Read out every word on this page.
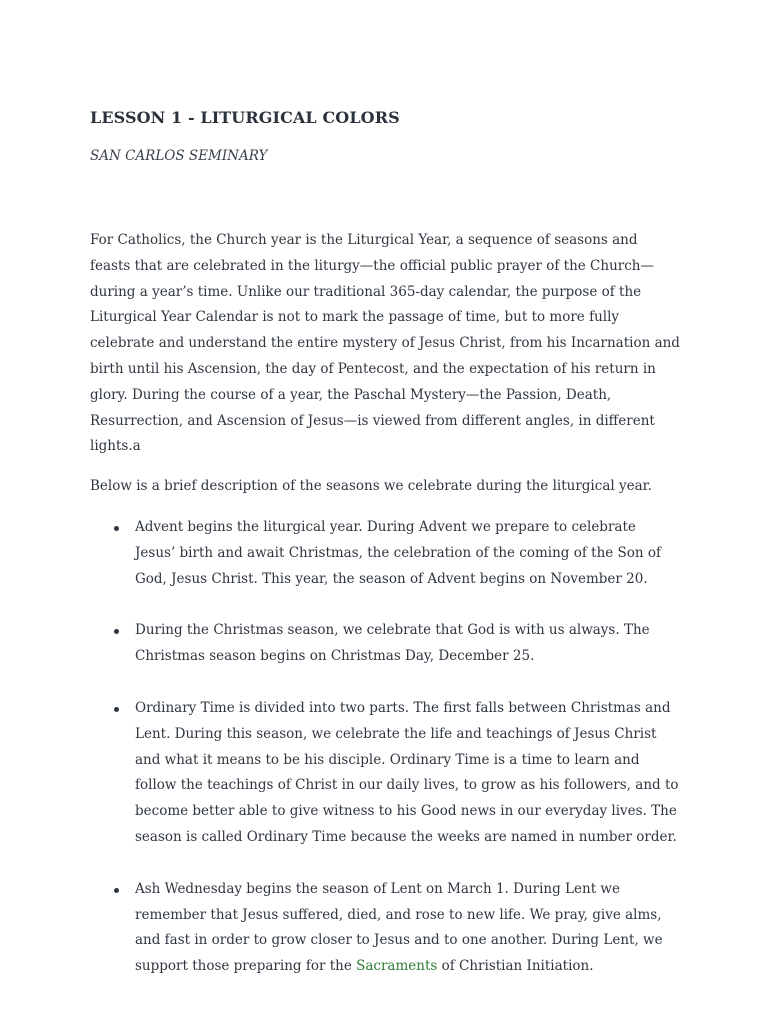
LESSON 1 - LITURGICAL COLORS

SAN CARLOS SEMINARY

For Catholics, the Church year is the Liturgical Year, a sequence of seasons and feasts that are celebrated in the liturgy—the official public prayer of the Church—during a year’s time. Unlike our traditional 365-day calendar, the purpose of the Liturgical Year Calendar is not to mark the passage of time, but to more fully celebrate and understand the entire mystery of Jesus Christ, from his Incarnation and birth until his Ascension, the day of Pentecost, and the expectation of his return in glory. During the course of a year, the Paschal Mystery—the Passion, Death, Resurrection, and Ascension of Jesus—is viewed from different angles, in different lights.a

Below is a brief description of the seasons we celebrate during the liturgical year.

Advent begins the liturgical year. During Advent we prepare to celebrate Jesus’ birth and await Christmas, the celebration of the coming of the Son of God, Jesus Christ. This year, the season of Advent begins on November 20.
During the Christmas season, we celebrate that God is with us always. The Christmas season begins on Christmas Day, December 25.
Ordinary Time is divided into two parts. The first falls between Christmas and Lent. During this season, we celebrate the life and teachings of Jesus Christ and what it means to be his disciple. Ordinary Time is a time to learn and follow the teachings of Christ in our daily lives, to grow as his followers, and to become better able to give witness to his Good news in our everyday lives. The season is called Ordinary Time because the weeks are named in number order.
Ash Wednesday begins the season of Lent on March 1. During Lent we remember that Jesus suffered, died, and rose to new life. We pray, give alms, and fast in order to grow closer to Jesus and to one another. During Lent, we support those preparing for the Sacraments of Christian Initiation.
